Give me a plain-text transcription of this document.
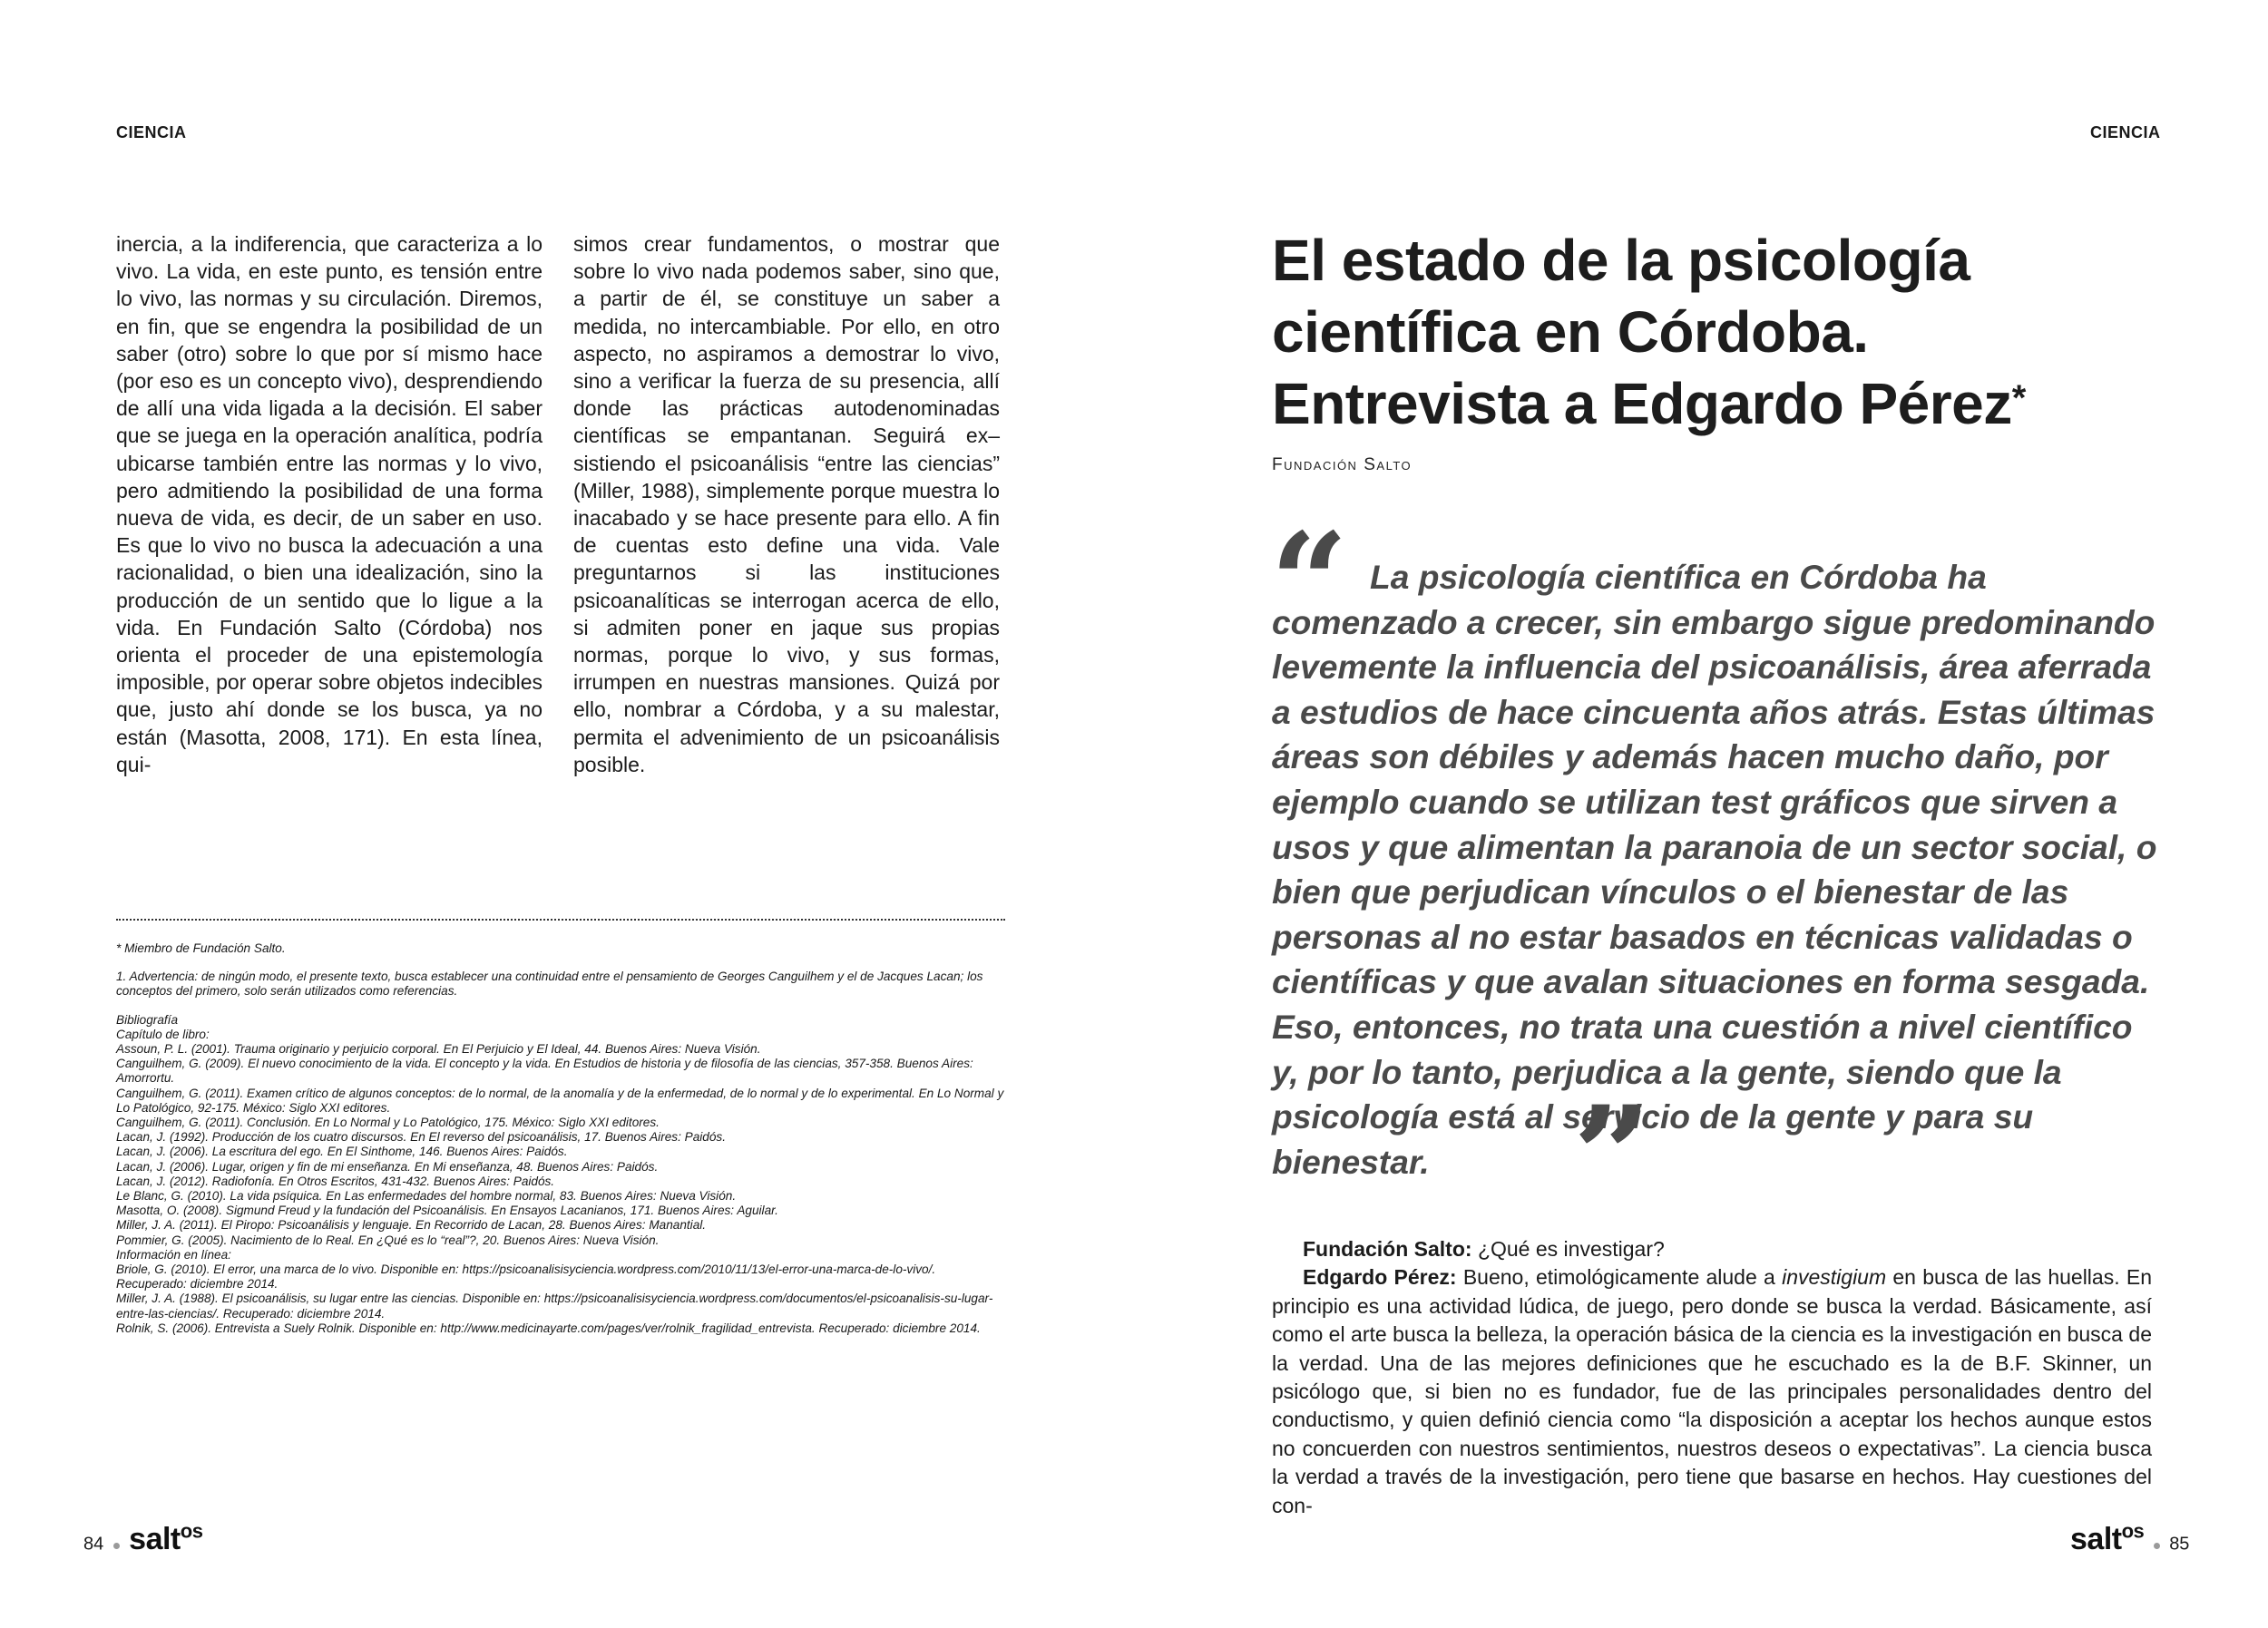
CIENCIA
inercia, a la indiferencia, que caracteriza a lo vivo. La vida, en este punto, es tensión entre lo vivo, las normas y su circulación. Diremos, en fin, que se engendra la posibilidad de un saber (otro) sobre lo que por sí mismo hace (por eso es un concepto vivo), desprendiendo de allí una vida ligada a la decisión. El saber que se juega en la operación analítica, podría ubicarse también entre las normas y lo vivo, pero admitiendo la posibilidad de una forma nueva de vida, es decir, de un saber en uso. Es que lo vivo no busca la adecuación a una racionalidad, o bien una idealización, sino la producción de un sentido que lo ligue a la vida. En Fundación Salto (Córdoba) nos orienta el proceder de una epistemología imposible, por operar sobre objetos indecibles que, justo ahí donde se los busca, ya no están (Masotta, 2008, 171). En esta línea, qui-
simos crear fundamentos, o mostrar que sobre lo vivo nada podemos saber, sino que, a partir de él, se constituye un saber a medida, no intercambiable. Por ello, en otro aspecto, no aspiramos a demostrar lo vivo, sino a verificar la fuerza de su presencia, allí donde las prácticas autodenominadas científicas se empantanan. Seguirá ex–sistiendo el psicoanálisis “entre las ciencias” (Miller, 1988), simplemente porque muestra lo inacabado y se hace presente para ello. A fin de cuentas esto define una vida. Vale preguntarnos si las instituciones psicoanalíticas se interrogan acerca de ello, si admiten poner en jaque sus propias normas, porque lo vivo, y sus formas, irrumpen en nuestras mansiones. Quizá por ello, nombrar a Córdoba, y a su malestar, permita el advenimiento de un psicoanálisis posible.

* Miembro de Fundación Salto.

1. Advertencia: de ningún modo, el presente texto, busca establecer una continuidad entre el pensamiento de Georges Canguilhem y el de Jacques Lacan; los conceptos del primero, solo serán utilizados como referencias.

Bibliografía

Capítulo de libro:

Assoun, P. L. (2001). Trauma originario y perjuicio corporal. En El Perjuicio y El Ideal, 44. Buenos Aires: Nueva Visión.

Canguilhem, G. (2009). El nuevo conocimiento de la vida. El concepto y la vida. En Estudios de historia y de filosofía de las ciencias, 357-358. Buenos Aires: Amorrortu.

Canguilhem, G. (2011). Examen crítico de algunos conceptos: de lo normal, de la anomalía y de la enfermedad, de lo normal y de lo experimental. En Lo Normal y Lo Patológico, 92-175. México: Siglo XXI editores.

Canguilhem, G. (2011). Conclusión. En Lo Normal y Lo Patológico, 175. México: Siglo XXI editores.

Lacan, J. (1992). Producción de los cuatro discursos. En El reverso del psicoanálisis, 17. Buenos Aires: Paidós.

Lacan, J. (2006). La escritura del ego. En El Sinthome, 146. Buenos Aires: Paidós.

Lacan, J. (2006). Lugar, origen y fin de mi enseñanza. En Mi enseñanza, 48. Buenos Aires: Paidós.

Lacan, J. (2012). Radiofonía. En Otros Escritos, 431-432. Buenos Aires: Paidós.

Le Blanc, G. (2010). La vida psíquica. En Las enfermedades del hombre normal, 83. Buenos Aires: Nueva Visión.

Masotta, O. (2008). Sigmund Freud y la fundación del Psicoanálisis. En Ensayos Lacanianos, 171. Buenos Aires: Aguilar.

Miller, J. A. (2011). El Piropo: Psicoanálisis y lenguaje. En Recorrido de Lacan, 28. Buenos Aires: Manantial.

Pommier, G. (2005). Nacimiento de lo Real. En ¿Qué es lo “real”?, 20. Buenos Aires: Nueva Visión.

Información en línea:

Briole, G. (2010). El error, una marca de lo vivo. Disponible en: https://psicoanalisisyciencia.wordpress.com/2010/11/13/el-error-una-marca-de-lo-vivo/. Recuperado: diciembre 2014.

Miller, J. A. (1988). El psicoanálisis, su lugar entre las ciencias. Disponible en: https://psicoanalisisyciencia.wordpress.com/documentos/el-psicoanalisis-su-lugar-entre-las-ciencias/. Recuperado: diciembre 2014.

Rolnik, S. (2006). Entrevista a Suely Rolnik. Disponible en: http://www.medicinayarte.com/pages/ver/rolnik_fragilidad_entrevista. Recuperado: diciembre 2014.

84 salt$^{os}$
CIENCIA
El estado de la psicología
científica en Córdoba.
Entrevista a Edgardo Pérez*
Fundación Salto
“ La psicología científica en Córdoba ha comenzado a crecer, sin embargo sigue predominando levemente la influencia del psicoanálisis, área aferrada a estudios de hace cincuenta años atrás. Estas últimas áreas son débiles y además hacen mucho daño, por ejemplo cuando se utilizan test gráficos que sirven a usos y que alimentan la paranoia de un sector social, o bien que perjudican vínculos o el bienestar de las personas al no estar basados en técnicas validadas o científicas y que avalan situaciones en forma sesgada. Eso, entonces, no trata una cuestión a nivel científico y, por lo tanto, perjudica a la gente, siendo que la psicología está al servicio de la gente y para su bienestar.	”

Fundación Salto: ¿Qué es investigar?

Edgardo Pérez: Bueno, etimológicamente alude a investigium en busca de las huellas. En principio es una actividad lúdica, de juego, pero donde se busca la verdad. Básicamente, así como el arte busca la belleza, la operación básica de la ciencia es la investigación en busca de la verdad. Una de las mejores definiciones que he escuchado es la de B.F. Skinner, un psicólogo que, si bien no es fundador, fue de las principales personalidades dentro del conductismo, y quien definió ciencia como “la disposición a aceptar los hechos aunque estos no concuerden con nuestros sentimientos, nuestros deseos o expectativas”. La ciencia busca la verdad a través de la investigación, pero tiene que basarse en hechos. Hay cuestiones del con-

salt$^{os}$  85
